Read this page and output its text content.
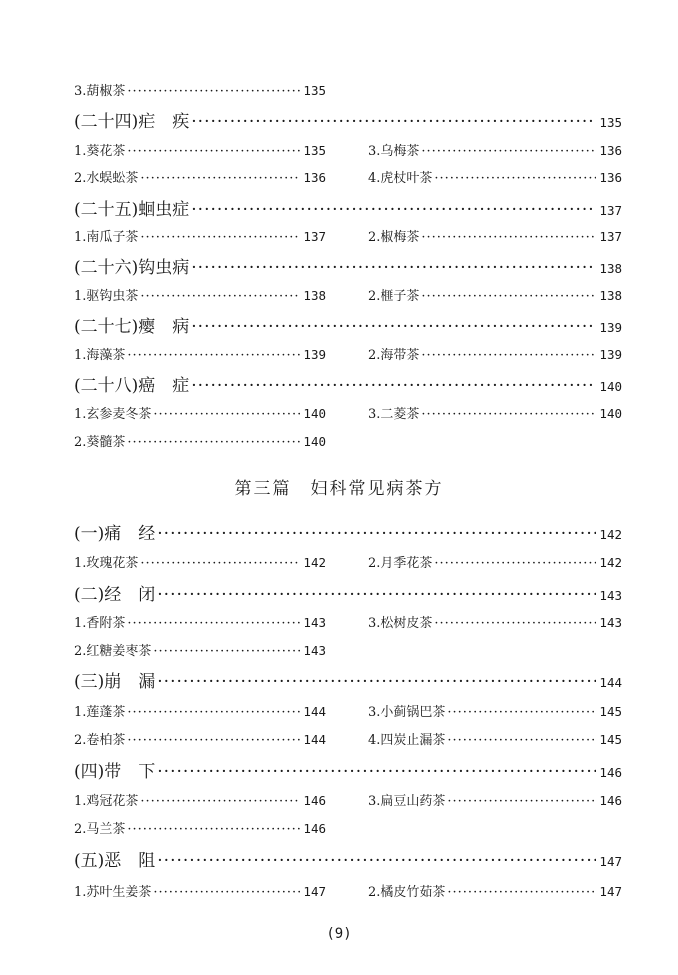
3.葫椒茶 ·····	135
(二十四)疟　疾 ·····	135
1.葵花茶 ·····	135	3.乌梅茶 ·····	136
2.水蜈蚣茶 ·····	136	4.虎杖叶茶 ·····	136
(二十五)蛔虫症 ·····	137
1.南瓜子茶 ·····	137	2.椒梅茶 ·····	137
(二十六)钩虫病 ·····	138
1.驱钩虫茶 ·····	138	2.榧子茶 ·····	138
(二十七)瘿　病 ·····	139
1.海藻茶 ·····	139	2.海带茶 ·····	139
(二十八)癌　症 ·····	140
1.玄参麦冬茶 ·····	140	3.二菱茶 ·····	140
2.葵髓茶 ·····	140
第三篇　妇科常见病茶方
(一)痛　经 ·····	142
1.玫瑰花茶 ·····	142	2.月季花茶 ·····	142
(二)经　闭 ·····	143
1.香附茶 ·····	143	3.松树皮茶 ·····	143
2.红糖姜枣茶 ·····	143
(三)崩　漏 ·····	144
1.莲蓬茶 ·····	144	3.小蓟锅巴茶 ·····	145
2.卷柏茶 ·····	144	4.四炭止漏茶 ·····	145
(四)带　下 ·····	146
1.鸡冠花茶 ·····	146	3.扁豆山药茶 ·····	146
2.马兰茶 ·····	146
(五)恶　阻 ·····	147
1.苏叶生姜茶 ·····	147	2.橘皮竹茹茶 ·····	147
(9)
